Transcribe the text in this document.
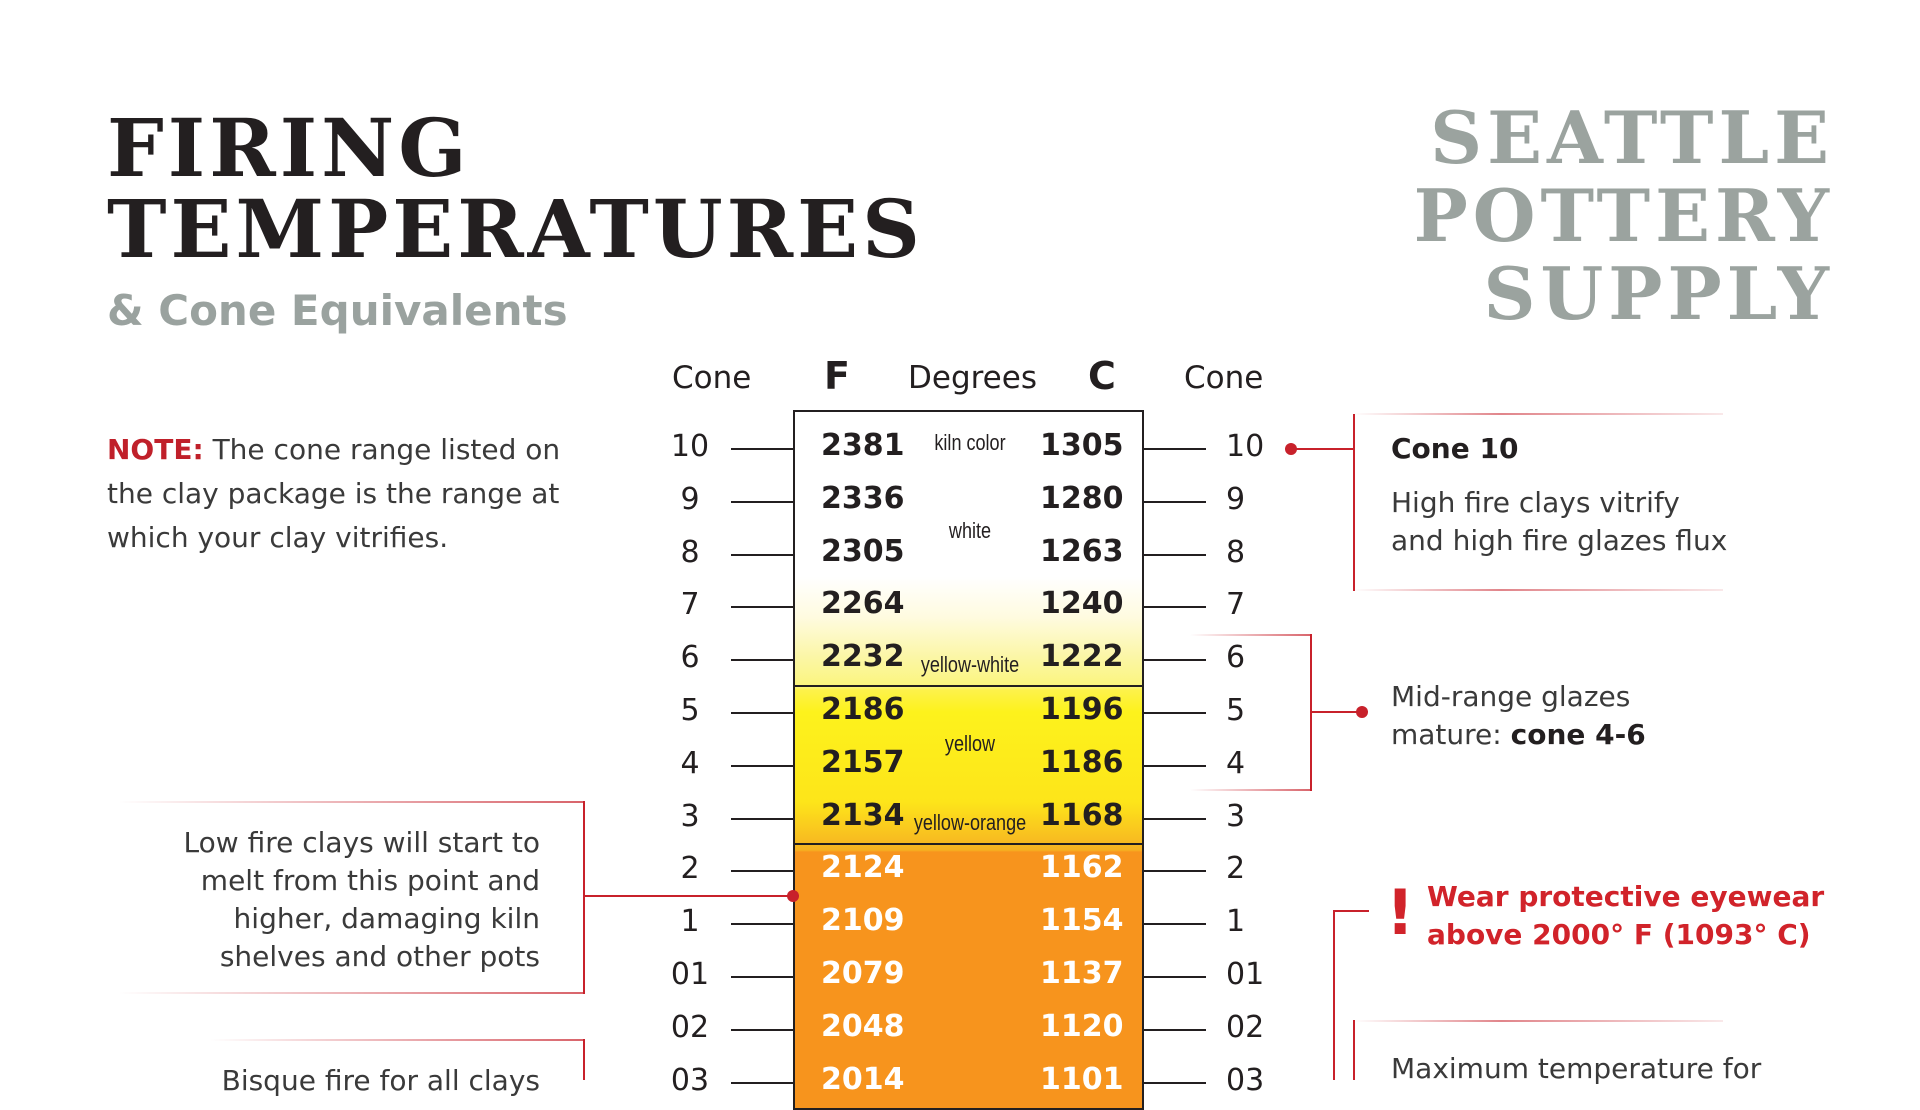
FIRING
TEMPERATURES
& Cone Equivalents
SEATTLE
POTTERY
SUPPLY
NOTE: The cone range listed on the clay package is the range at which your clay vitrifies.
Cone F Degrees C Cone
10	2381	1305	10
9	2336	1280	9
8	2305	1263	8
7	2264	1240	7
6	2232	1222	6
5	2186	1196	5
4	2157	1186	4
3	2134	1168	3
2	2124	1162	2
1	2109	1154	1
01	2079	1137	01
02	2048	1120	02
03	2014	1101	03
kiln color
white
yellow-white
yellow
yellow-orange
Cone 10
High fire clays vitrify
and high fire glazes flux
Mid-range glazes
mature: cone 4-6
Low fire clays will start to
melt from this point and
higher, damaging kiln
shelves and other pots
Bisque fire for all clays
! Wear protective eyewear
above 2000° F (1093° C)
Maximum temperature for
